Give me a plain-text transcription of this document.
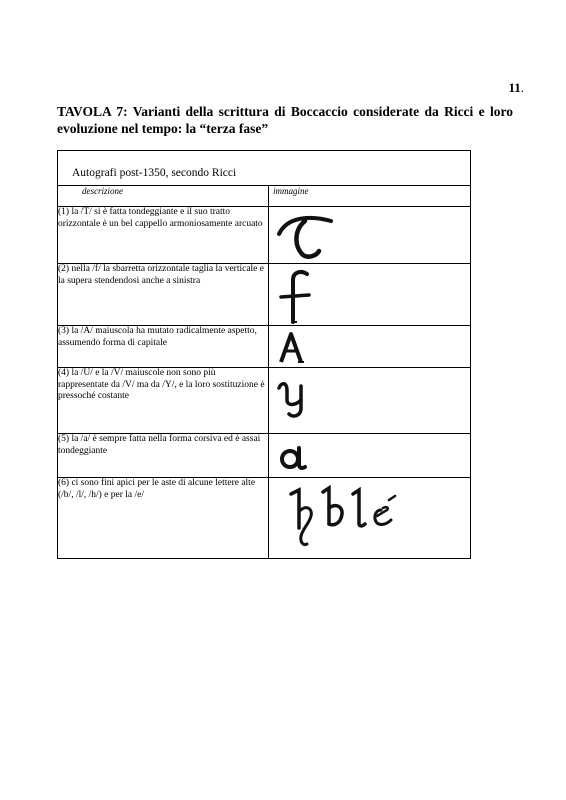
11.
TAVOLA 7: Varianti della scrittura di Boccaccio considerate da Ricci e loro evoluzione nel tempo: la “terza fase”
Autografi post-1350, secondo Ricci
descrizione	immagine
(1) la /T/ si è fatta tondeggiante e il suo tratto orizzontale è un bel cappello armoniosamente arcuato	

(2) nella /f/ la sbarretta orizzontale taglia la verticale e la supera stendendosi anche a sinistra	

(3) la /A/ maiuscola ha mutato radicalmente aspetto, assumendo forma di capitale	

(4) la /U/ e la /V/ maiuscole non sono più rappresentate da /V/ ma da /Y/, e la loro sostituzione è pressoché costante	

(5) la /a/ è sempre fatta nella forma corsiva ed è assai tondeggiante	

(6) ci sono fini apici per le aste di alcune lettere alte (/b/, /l/, /h/) e per la /e/	
